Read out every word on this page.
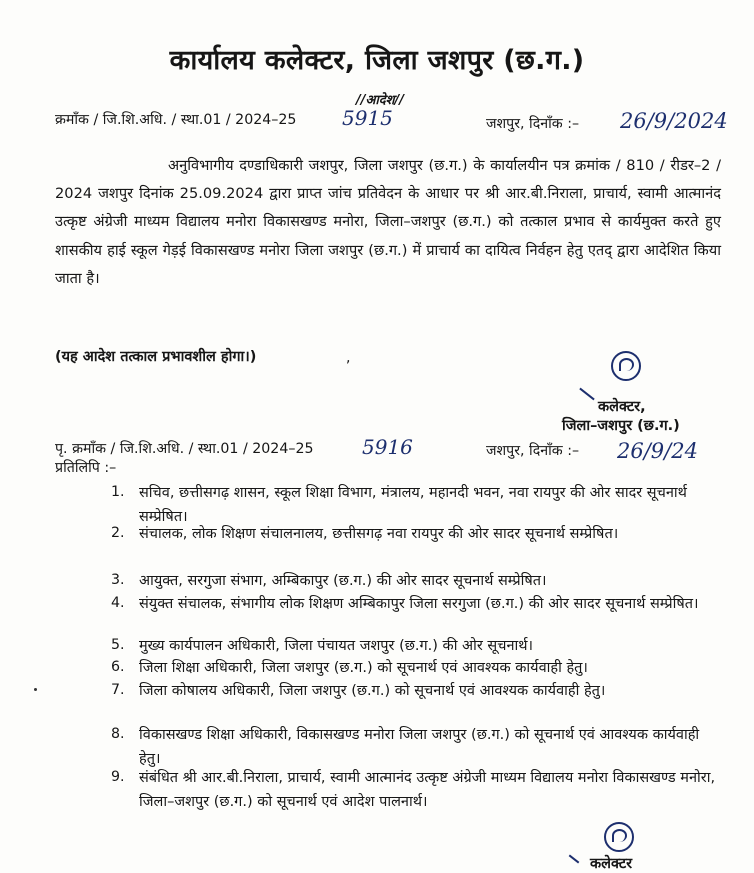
कार्यालय कलेक्टर, जिला जशपुर (छ.ग.)
//आदेश//
क्रमाँक / जि.शि.अधि. / स्था.01 / 2024–25 5915	जशपुर, दिनाँक :– 26/9/2024
अनुविभागीय दण्डाधिकारी जशपुर, जिला जशपुर (छ.ग.) के कार्यालयीन पत्र क्रमांक / 810 / रीडर–2 / 2024 जशपुर दिनांक 25.09.2024 द्वारा प्राप्त जांच प्रतिवेदन के आधार पर श्री आर.बी.निराला, प्राचार्य, स्वामी आत्मानंद उत्कृष्ट अंग्रेजी माध्यम विद्यालय मनोरा विकासखण्ड मनोरा, जिला–जशपुर (छ.ग.) को तत्काल प्रभाव से कार्यमुक्त करते हुए शासकीय हाई स्कूल गेड़ई विकासखण्ड मनोरा जिला जशपुर (छ.ग.) में प्राचार्य का दायित्व निर्वहन हेतु एतद् द्वारा आदेशित किया जाता है।
(यह आदेश तत्काल प्रभावशील होगा।)	,
कलेक्टर,
जिला–जशपुर (छ.ग.)
पृ. क्रमाँक / जि.शि.अधि. / स्था.01 / 2024–25 5916	जशपुर, दिनाँक :– 26/9/24
प्रतिलिपि :–
1. सचिव, छत्तीसगढ़ शासन, स्कूल शिक्षा विभाग, मंत्रालय, महानदी भवन, नवा रायपुर की ओर सादर सूचनार्थ सम्प्रेषित।
2. संचालक, लोक शिक्षण संचालनालय, छत्तीसगढ़ नवा रायपुर की ओर सादर सूचनार्थ सम्प्रेषित।
3. आयुक्त, सरगुजा संभाग, अम्बिकापुर (छ.ग.) की ओर सादर सूचनार्थ सम्प्रेषित।
4. संयुक्त संचालक, संभागीय लोक शिक्षण अम्बिकापुर जिला सरगुजा (छ.ग.) की ओर सादर सूचनार्थ सम्प्रेषित।
5. मुख्य कार्यपालन अधिकारी, जिला पंचायत जशपुर (छ.ग.) की ओर सूचनार्थ।
6. जिला शिक्षा अधिकारी, जिला जशपुर (छ.ग.) को सूचनार्थ एवं आवश्यक कार्यवाही हेतु।
7. जिला कोषालय अधिकारी, जिला जशपुर (छ.ग.) को सूचनार्थ एवं आवश्यक कार्यवाही हेतु।
8. विकासखण्ड शिक्षा अधिकारी, विकासखण्ड मनोरा जिला जशपुर (छ.ग.) को सूचनार्थ एवं आवश्यक कार्यवाही हेतु।
9. संबंधित श्री आर.बी.निराला, प्राचार्य, स्वामी आत्मानंद उत्कृष्ट अंग्रेजी माध्यम विद्यालय मनोरा विकासखण्ड मनोरा, जिला–जशपुर (छ.ग.) को सूचनार्थ एवं आदेश पालनार्थ।
कलेक्टर
